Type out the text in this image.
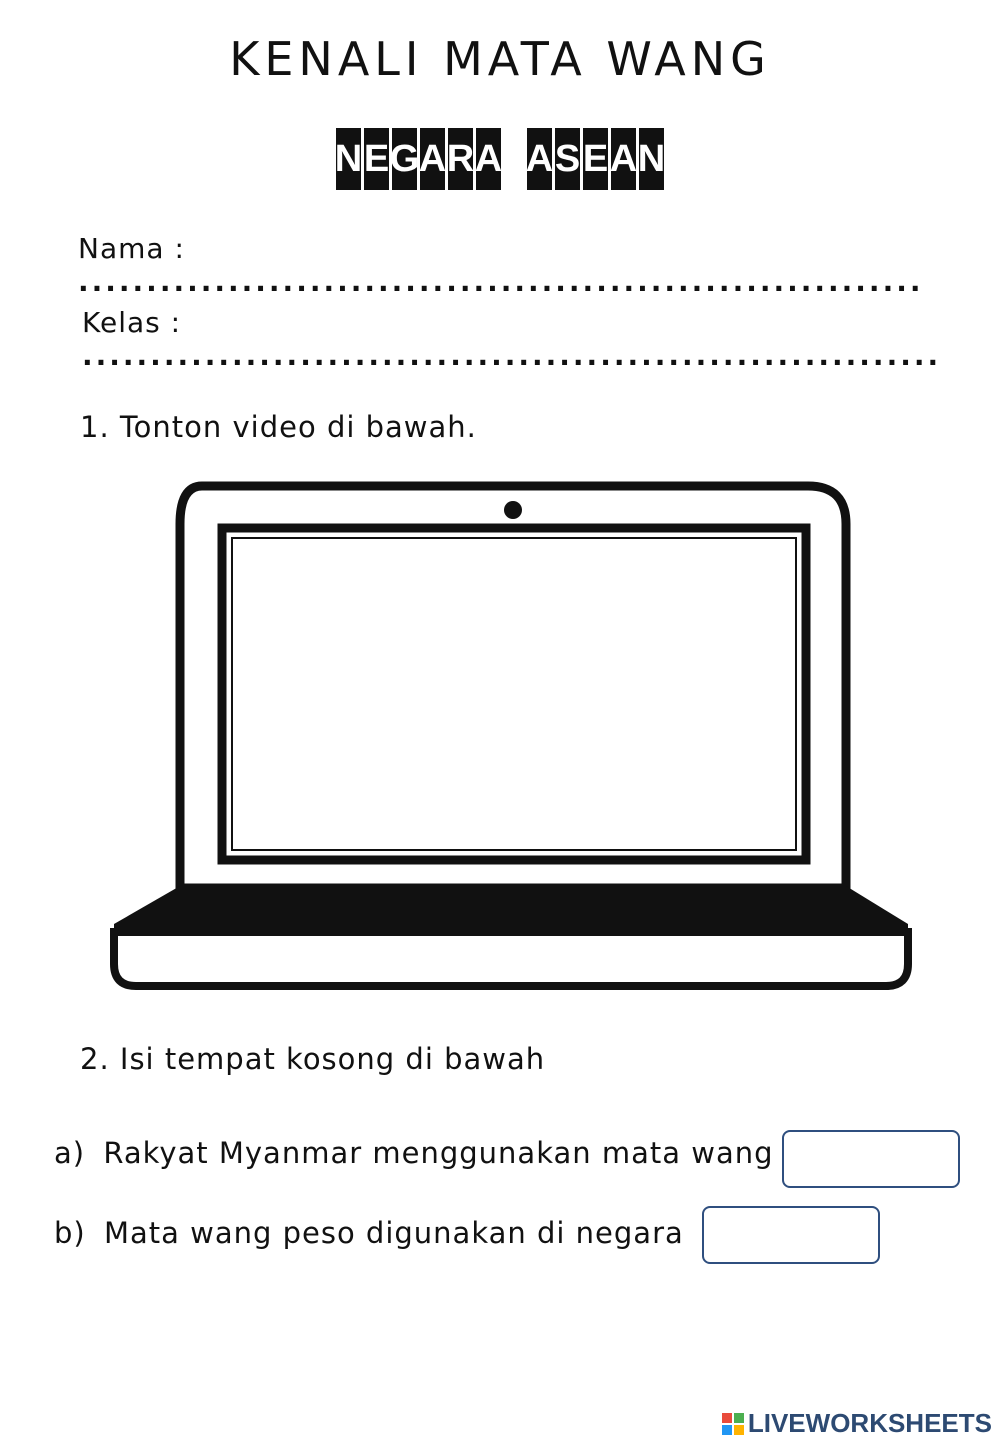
KENALI MATA WANG
N E G A R A A S E A N
Nama : ..............................................................
Kelas : ...............................................................
1. Tonton video di bawah.
2. Isi tempat kosong di bawah
a) Rakyat Myanmar menggunakan mata wang
b) Mata wang peso digunakan di negara
LIVEWORKSHEETS
